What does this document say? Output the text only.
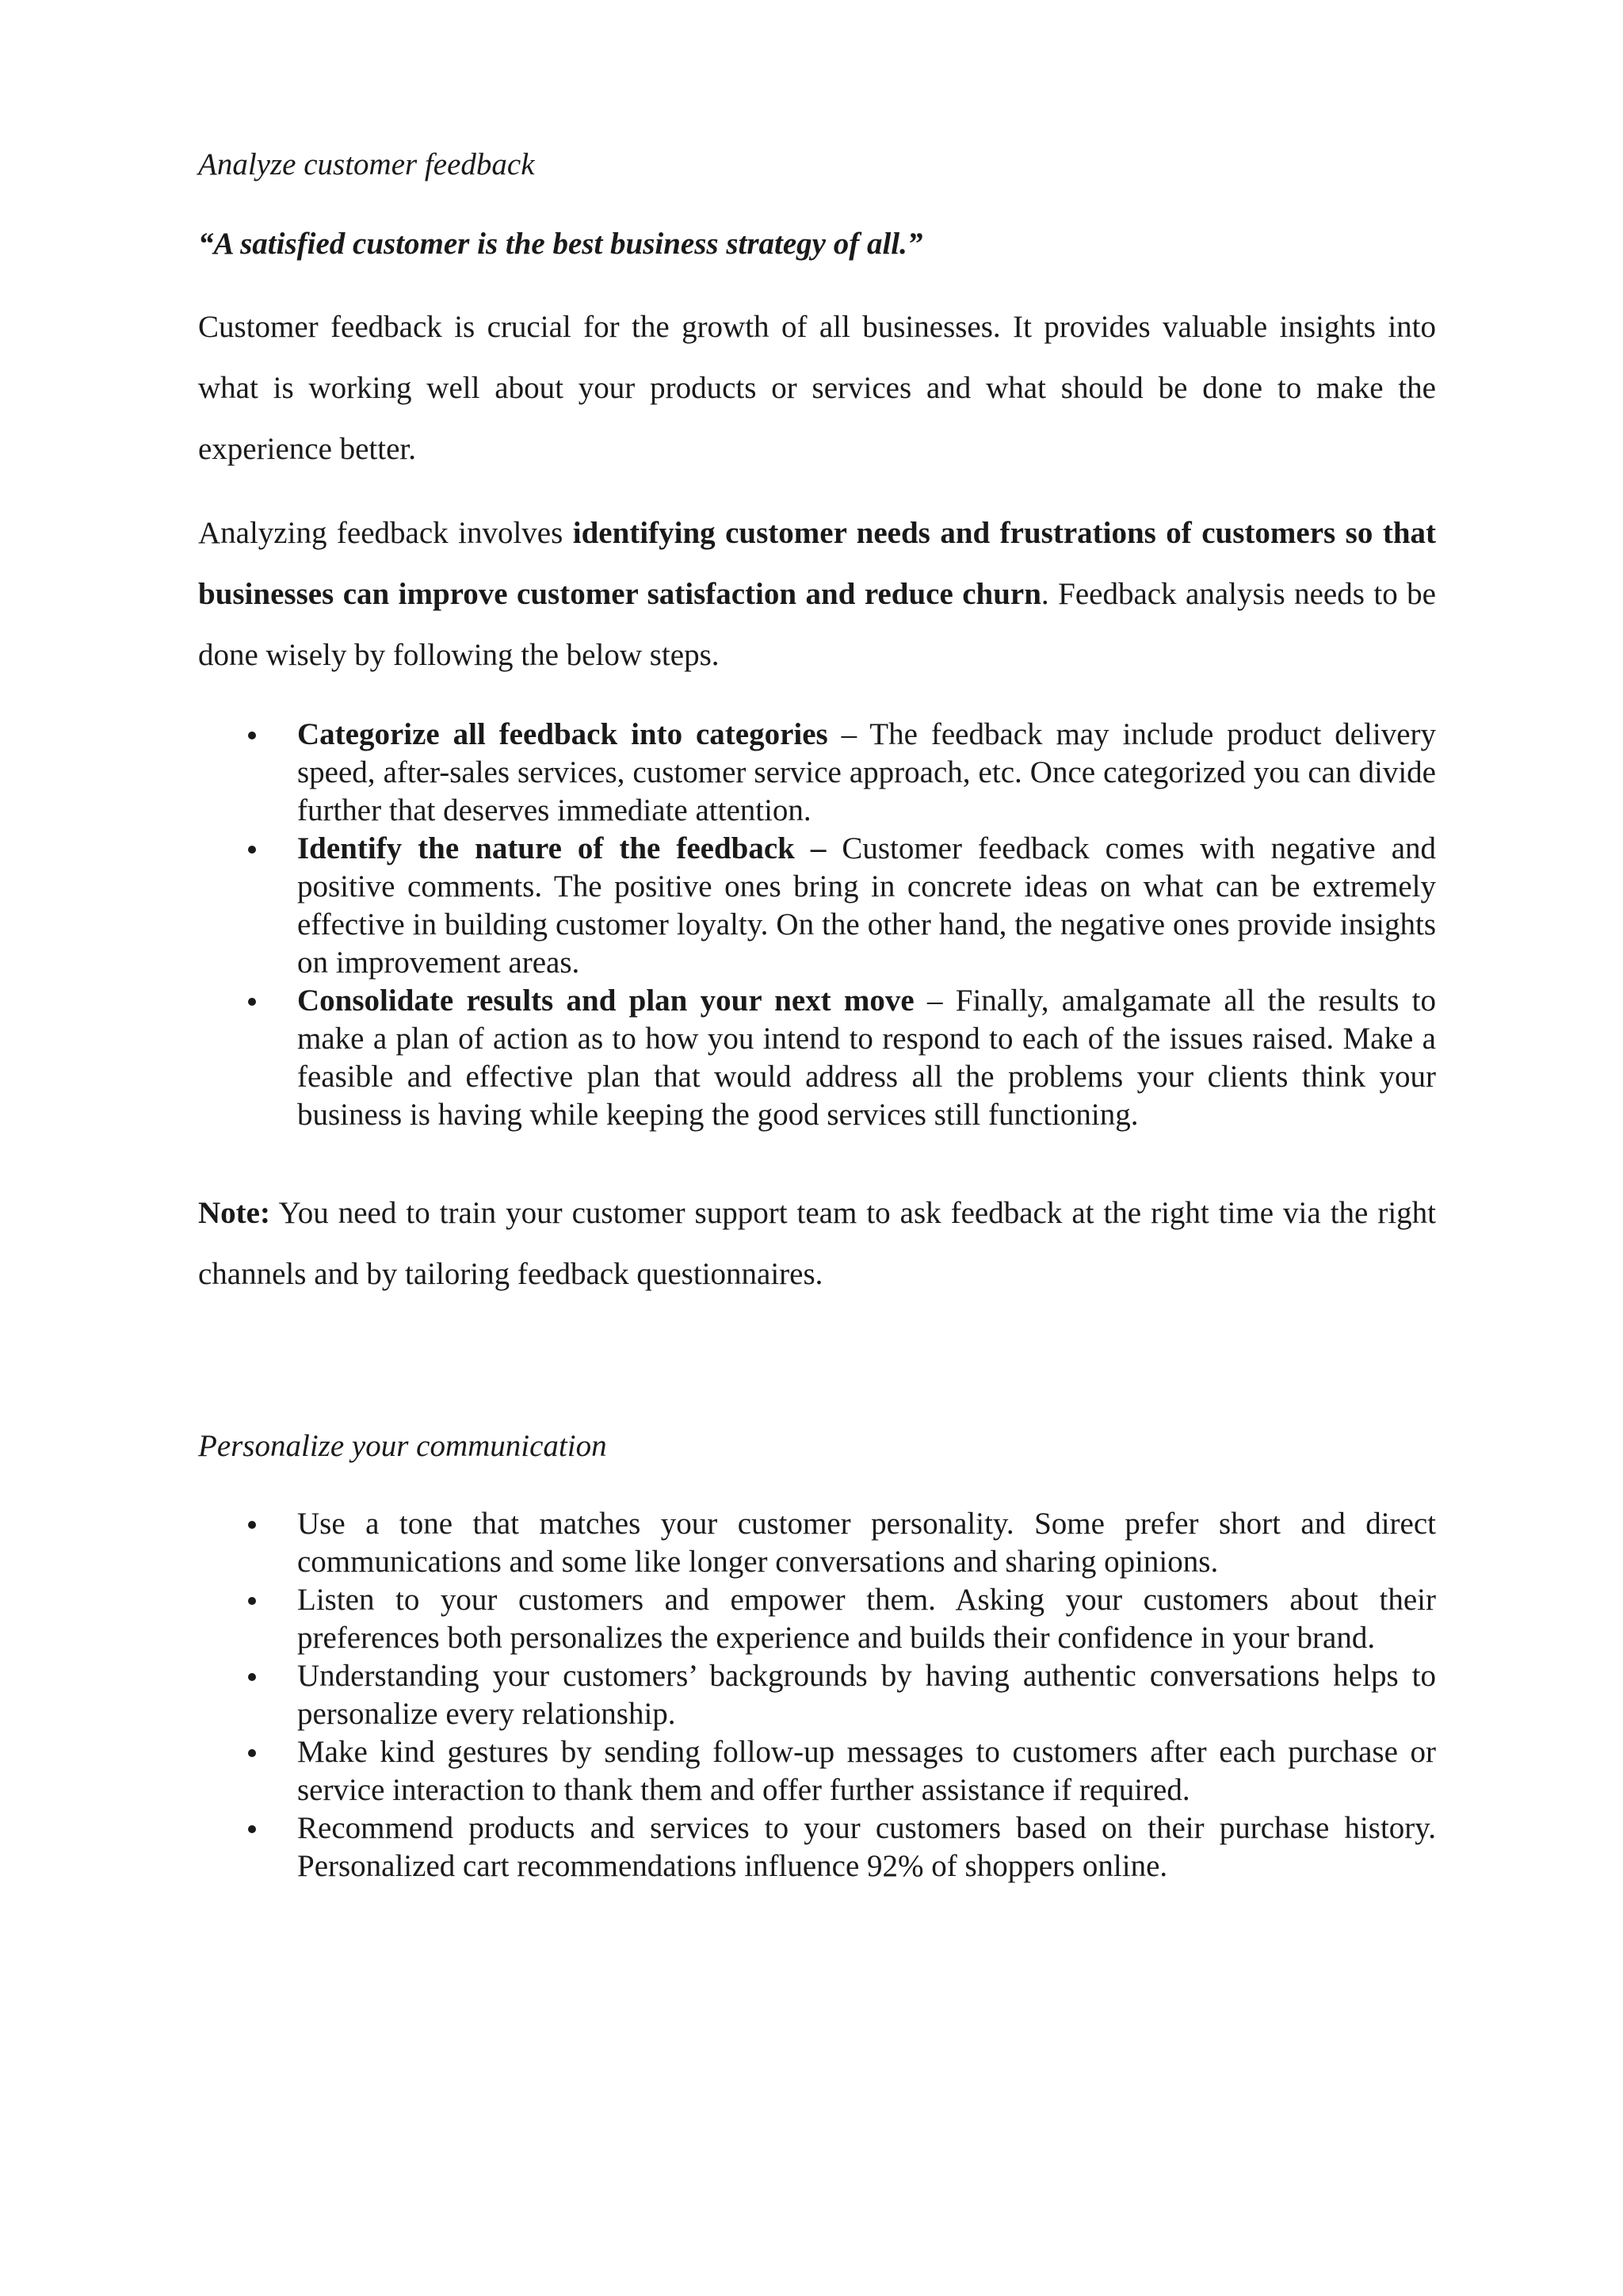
Analyze customer feedback

“A satisfied customer is the best business strategy of all.”

Customer feedback is crucial for the growth of all businesses. It provides valuable insights into what is working well about your products or services and what should be done to make the experience better.

Analyzing feedback involves identifying customer needs and frustrations of customers so that businesses can improve customer satisfaction and reduce churn. Feedback analysis needs to be done wisely by following the below steps.

Categorize all feedback into categories – The feedback may include product delivery speed, after-sales services, customer service approach, etc. Once categorized you can divide further that deserves immediate attention.
Identify the nature of the feedback – Customer feedback comes with negative and positive comments. The positive ones bring in concrete ideas on what can be extremely effective in building customer loyalty. On the other hand, the negative ones provide insights on improvement areas.
Consolidate results and plan your next move – Finally, amalgamate all the results to make a plan of action as to how you intend to respond to each of the issues raised. Make a feasible and effective plan that would address all the problems your clients think your business is having while keeping the good services still functioning.

Note: You need to train your customer support team to ask feedback at the right time via the right channels and by tailoring feedback questionnaires.

Personalize your communication

Use a tone that matches your customer personality. Some prefer short and direct communications and some like longer conversations and sharing opinions.
Listen to your customers and empower them. Asking your customers about their preferences both personalizes the experience and builds their confidence in your brand.
Understanding your customers’ backgrounds by having authentic conversations helps to personalize every relationship.
Make kind gestures by sending follow-up messages to customers after each purchase or service interaction to thank them and offer further assistance if required.
Recommend products and services to your customers based on their purchase history. Personalized cart recommendations influence 92% of shoppers online.
